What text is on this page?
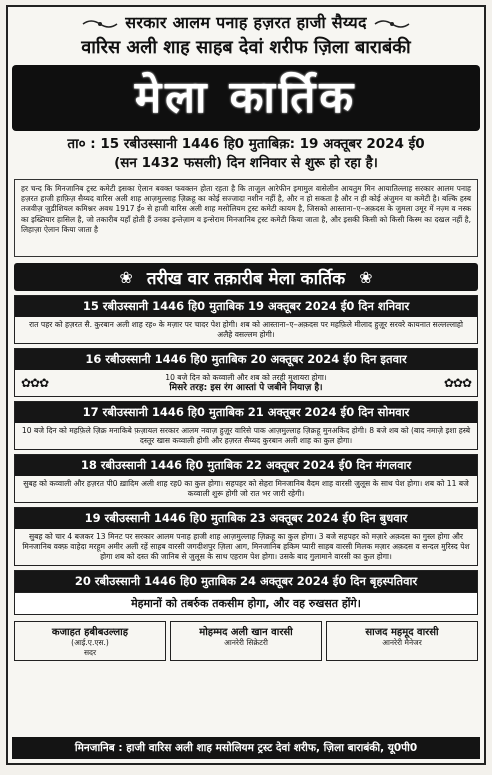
सरकार आलम पनाह हज़रत हाजी सैय्यद
वारिस अली शाह साहब देवां शरीफ ज़िला बाराबंकी
मेला कार्तिक
ता० : 15 रबीउस्सानी 1446 हि0 मुताबिक़: 19 अक्तूबर 2024 ई0
(सन 1432 फसली) दिन शनिवार से शुरू हो रहा है।
हर चन्द कि मिनजानिब ट्रस्ट कमेटी इसका ऐलान बवक्त फवक्तन होता रहता है कि ताजुल आरेफीन इमामुल वासेलीन आयतुम मिन आयातिल्लाह सरकार आलम पनाह हज़रत हाजी हाफ़िज़ सैय्यद वारिस अली शाह आज़मुल्लाह ज़िक्रहू का कोई सज्जादा नशीन नहीं है, और न हो सकता है और न ही कोई अंजुमन या कमेटी है। बल्कि हस्ब तजवीज़ जुडीशियल कमिश्नर अवध 1917 ई० से हाजी वारिस अली शाह मसोलियम ट्रस्ट कमेटी कायम है, जिसको आस्ताना–ए–अक़दस के जुमला उमूर में नज़्म व नस्क का इख्तियार हासिल है, जो तकारीब यहाँ होती हैं उनका इन्तेज़ाम व इन्सेराम मिनजानिब ट्रस्ट कमेटी किया जाता है, और इसकी किसी को किसी किस्म का दखल नहीं है, लिहाज़ा ऐलान किया जाता है
❀ तरीख वार तक़ारीब मेला कार्तिक ❀
15 रबीउस्सानी 1446 हि0 मुताबिक 19 अक्तूबर 2024 ई0 दिन शनिवार
रात पहर को हज़रत सै. कुरबान अली शाह रह० के मज़ार पर चादर पेश होगी। शब को आस्ताना–ए–अक़दस पर महफ़िले मीलाद हुज़ूर सरवरे कायनात सल्लल्लाहो अलैहे वसल्लम होगी।
16 रबीउस्सानी 1446 हि0 मुताबिक 20 अक्तूबर 2024 ई0 दिन इतवार
✿✿✿	10 बजे दिन को कव्वाली और शब को तरही मुशायरा होगा।
मिसरे तरह: इस रंग आस्तां पे जबीने नियाज़ है।	✿✿✿
17 रबीउस्सानी 1446 हि0 मुताबिक 21 अक्तूबर 2024 ई0 दिन सोमवार
10 बजे दिन को महफ़िले ज़िक्र मनाकिबे फ़ज़ायल सरकार आलम नवाज़ हुज़ूर वारिसे पाक आज़मुल्लाह ज़िक्रहू मुनअकिद होगी। 8 बजे शब को (बाद नमाज़े इशा हस्बे दस्तूर खास कव्वाली होगी और हज़रत सैय्यद कुरबान अली शाह का कुल होगा।
18 रबीउस्सानी 1446 हि0 मुताबिक 22 अक्तूबर 2024 ई0 दिन मंगलवार
सुबह को कव्वाली और हज़रत पी0 ख़ादिम अली शाह रह0 का कुल होगा। सहपहर को सेहरा मिनजानिब वैदम शाह वारसी जुलूस के साथ पेश होगा। शब को 11 बजे कव्वाली शुरू होगी जो रात भर जारी रहेगी।
19 रबीउस्सानी 1446 हि0 मुताबिक 23 अक्तूबर 2024 ई0 दिन बुधवार
सुबह को चार 4 बजकर 13 मिनट पर सरकार आलम पनाह हाजी शाह आज़मुल्लाह ज़िक्रहू का कुल होगा। 3 बजे सहपहर को मज़ारे अक़दस का गुस्ल होगा और मिनजानिब वक्फ़ वाहेदा मरहूम अमीर अली रहें साहब वारसी जगदीशपुर ज़िला आग, मिनजानिब हकिम प्यारी साहब वारसी मिलक मज़ार अक़दस व सन्दल मुरिस्द पेश होगा शब को दस्त की जानिब से जुलूस के साथ एहराम पेश होगा। उसके बाद गुलामाने वारसी का कुल होगा।
20 रबीउस्सानी 1446 हि0 मुताबिक 24 अक्तूबर 2024 ई0 दिन बृहस्पतिवार
मेहमानों को तबर्रुक तकसीम होगा, और वह रुखसत होंगे।
कजाहत हबीबउल्लाह
(आई.ए.एस.)
सदर
मोहम्मद अली खान वारसी
आनरेरी सिक्रेटरी
साजद महमूद वारसी
आनरेरी मैनेजर
मिनजानिब : हाजी वारिस अली शाह मसोलियम ट्रस्ट देवां शरीफ, ज़िला बाराबंकी, यू0पी0
